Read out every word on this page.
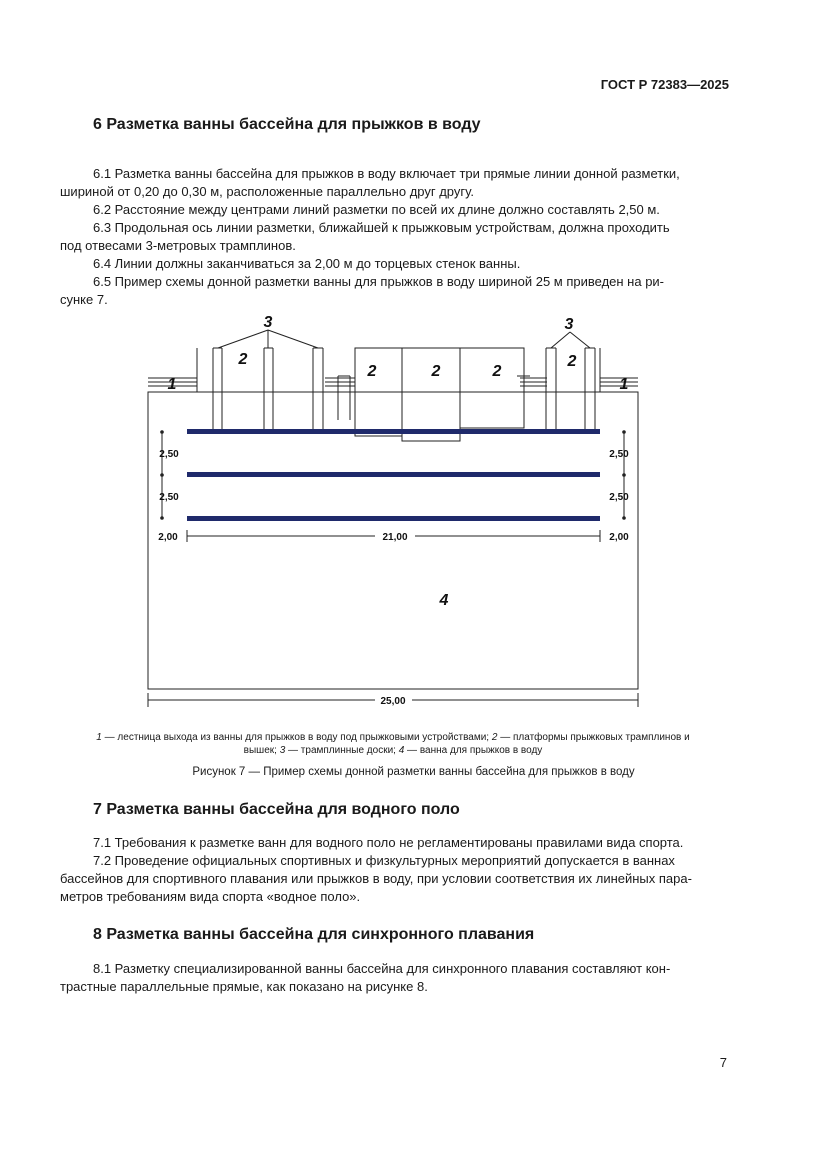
ГОСТ Р 72383—2025
6 Разметка ванны бассейна для прыжков в воду
6.1 Разметка ванны бассейна для прыжков в воду включает три прямые линии донной разметки,
шириной от 0,20 до 0,30 м, расположенные параллельно друг другу.
6.2 Расстояние между центрами линий разметки по всей их длине должно составлять 2,50 м.
6.3 Продольная ось линии разметки, ближайшей к прыжковым устройствам, должна проходить
под отвесами 3-метровых трамплинов.
6.4 Линии должны заканчиваться за 2,00 м до торцевых стенок ванны.
6.5 Пример схемы донной разметки ванны для прыжков в воду шириной 25 м приведен на ри-
сунке 7.
1	1
2
2	2	2
2
3	3
4
2,50
2,50
2,50
2,50
2,00	2,00
21,00
25,00
1 — лестница выхода из ванны для прыжков в воду под прыжковыми устройствами; 2 — платформы прыжковых трамплинов и
вышек; 3 — трамплинные доски; 4 — ванна для прыжков в воду
Рисунок 7 — Пример схемы донной разметки ванны бассейна для прыжков в воду
7 Разметка ванны бассейна для водного поло
7.1 Требования к разметке ванн для водного поло не регламентированы правилами вида спорта.
7.2 Проведение официальных спортивных и физкультурных мероприятий допускается в ваннах
бассейнов для спортивного плавания или прыжков в воду, при условии соответствия их линейных пара-
метров требованиям вида спорта «водное поло».
8 Разметка ванны бассейна для синхронного плавания
8.1 Разметку специализированной ванны бассейна для синхронного плавания составляют кон-
трастные параллельные прямые, как показано на рисунке 8.
7
